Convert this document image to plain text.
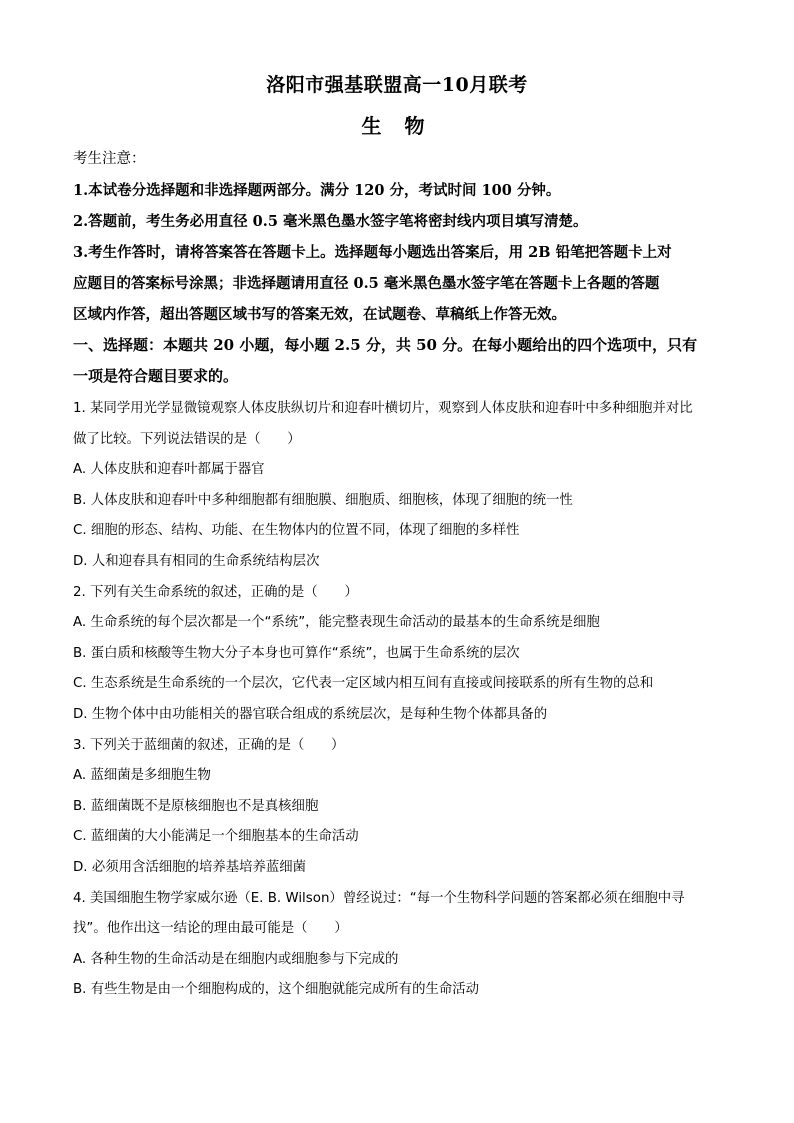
洛阳市强基联盟高一10月联考
生 物
考生注意：
1.本试卷分选择题和非选择题两部分。满分 120 分，考试时间 100 分钟。
2.答题前，考生务必用直径 0.5 毫米黑色墨水签字笔将密封线内项目填写清楚。
3.考生作答时，请将答案答在答题卡上。选择题每小题选出答案后，用 2B 铅笔把答题卡上对
应题目的答案标号涂黑；非选择题请用直径 0.5 毫米黑色墨水签字笔在答题卡上各题的答题
区域内作答，超出答题区域书写的答案无效，在试题卷、草稿纸上作答无效。
一、选择题：本题共 20 小题，每小题 2.5 分，共 50 分。在每小题给出的四个选项中，只有
一项是符合题目要求的。
1. 某同学用光学显微镜观察人体皮肤纵切片和迎春叶横切片，观察到人体皮肤和迎春叶中多种细胞并对比
做了比较。下列说法错误的是（　　）
A. 人体皮肤和迎春叶都属于器官
B. 人体皮肤和迎春叶中多种细胞都有细胞膜、细胞质、细胞核，体现了细胞的统一性
C. 细胞的形态、结构、功能、在生物体内的位置不同，体现了细胞的多样性
D. 人和迎春具有相同的生命系统结构层次
2. 下列有关生命系统的叙述，正确的是（　　）
A. 生命系统的每个层次都是一个“系统”，能完整表现生命活动的最基本的生命系统是细胞
B. 蛋白质和核酸等生物大分子本身也可算作“系统”，也属于生命系统的层次
C. 生态系统是生命系统的一个层次，它代表一定区域内相互间有直接或间接联系的所有生物的总和
D. 生物个体中由功能相关的器官联合组成的系统层次，是每种生物个体都具备的
3. 下列关于蓝细菌的叙述，正确的是（　　）
A. 蓝细菌是多细胞生物
B. 蓝细菌既不是原核细胞也不是真核细胞
C. 蓝细菌的大小能满足一个细胞基本的生命活动
D. 必须用含活细胞的培养基培养蓝细菌
4. 美国细胞生物学家威尔逊（E. B. Wilson）曾经说过：“每一个生物科学问题的答案都必须在细胞中寻
找”。他作出这一结论的理由最可能是（　　）
A. 各种生物的生命活动是在细胞内或细胞参与下完成的
B. 有些生物是由一个细胞构成的，这个细胞就能完成所有的生命活动
